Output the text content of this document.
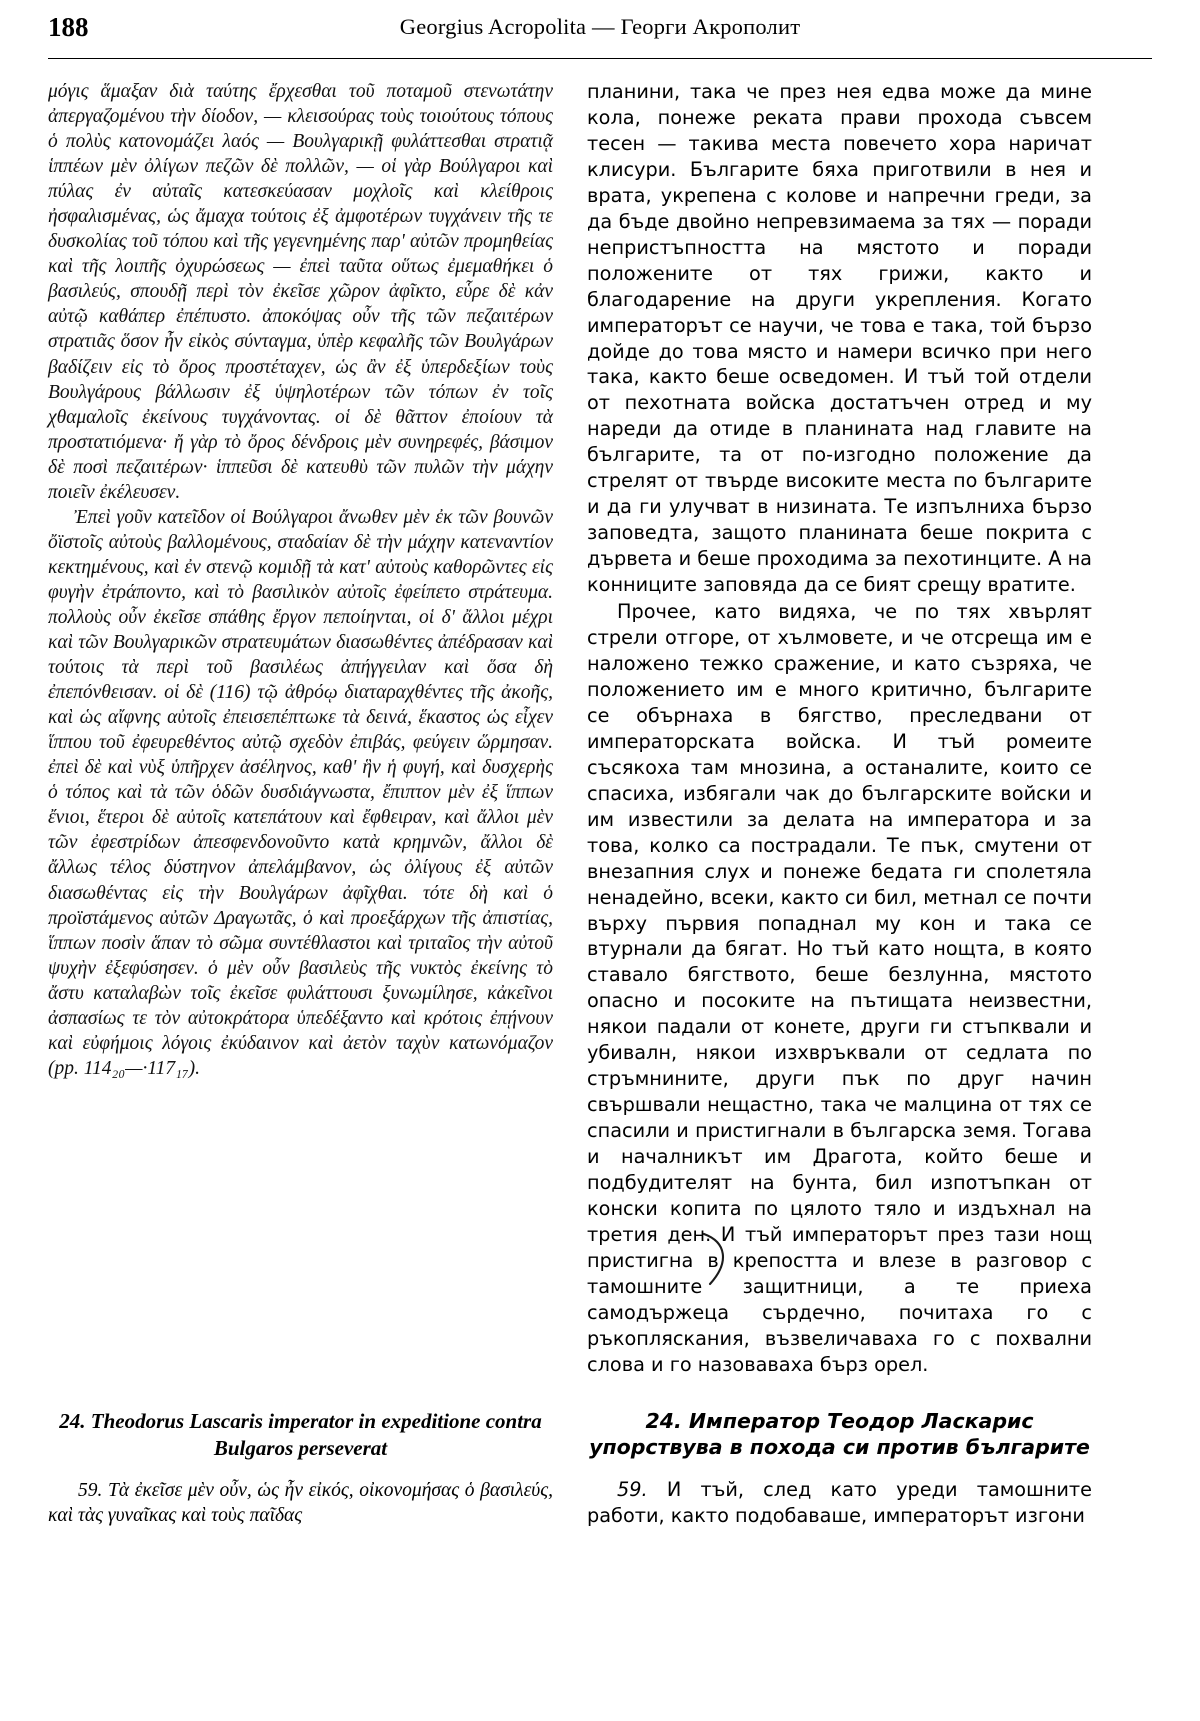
188	Georgius Acropolita — Георги Акрополит

μόγις ἅμαξαν διὰ ταύτης ἔρχεσθαι τοῦ ποταμοῦ στενωτάτην ἀπεργαζομένου τὴν δίοδον, — κλεισούρας τοὺς τοιούτους τόπους ὁ πολὺς κατονομάζει λαός — Βουλγαρικῇ φυλάττεσθαι στρατιᾷ ἱππέων μὲν ὀλίγων πεζῶν δὲ πολλῶν, — οἱ γὰρ Βούλγαροι καὶ πύλας ἐν αὐταῖς κατεσκεύασαν μοχλοῖς καὶ κλείθροις ἠσφαλισμένας, ὡς ἄμαχα τούτοις ἐξ ἀμφοτέρων τυγχάνειν τῆς τε δυσκολίας τοῦ τόπου καὶ τῆς γεγενημένης παρ' αὐτῶν προμηθείας καὶ τῆς λοιπῆς ὀχυρώσεως — ἐπεὶ ταῦτα οὕτως ἐμεμαθήκει ὁ βασιλεύς, σπουδῇ περὶ τὸν ἐκεῖσε χῶρον ἀφῖκτο, εὗρε δὲ κἀν αὐτῷ καθάπερ ἐπέπυστο. ἀποκόψας οὖν τῆς τῶν πεζαιτέρων στρατιᾶς ὅσον ἦν εἰκὸς σύνταγμα, ὑπὲρ κεφαλῆς τῶν Βουλγάρων βαδίζειν εἰς τὸ ὄρος προστέταχεν, ὡς ἂν ἐξ ὑπερδεξίων τοὺς Βουλγάρους βάλλωσιν ἐξ ὑψηλοτέρων τῶν τόπων ἐν τοῖς χθαμαλοῖς ἐκείνους τυγχάνοντας. οἱ δὲ θᾶττον ἐποίουν τὰ προστατιόμενα· ἤ γὰρ τὸ ὄρος δένδροις μὲν συνηρεφές, βάσιμον δὲ ποσὶ πεζαιτέρων· ἱππεῦσι δὲ κατευθὺ τῶν πυλῶν τὴν μάχην ποιεῖν ἐκέλευσεν.

Ἐπεὶ γοῦν κατεῖδον οἱ Βούλγαροι ἄνωθεν μὲν ἐκ τῶν βουνῶν ὄϊστοῖς αὐτοὺς βαλλομένους, σταδαίαν δὲ τὴν μάχην κατεναντίον κεκτημένους, καὶ ἐν στενῷ κομιδῇ τὰ κατ' αὐτοὺς καθορῶντες εἰς φυγὴν ἐτράποντο, καὶ τὸ βασιλικὸν αὐτοῖς ἐφείπετο στράτευμα. πολλοὺς οὖν ἐκεῖσε σπάθης ἔργον πεποίηνται, οἱ δ' ἄλλοι μέχρι καὶ τῶν Βουλγαρικῶν στρατευμάτων διασωθέντες ἀπέδρασαν καὶ τούτοις τὰ περὶ τοῦ βασιλέως ἀπήγγειλαν καὶ ὅσα δὴ ἐπεπόνθεισαν. οἱ δὲ (116) τῷ ἀθρόῳ διαταραχθέντες τῆς ἀκοῆς, καὶ ὡς αἴφνης αὐτοῖς ἐπεισεπέπτωκε τὰ δεινά, ἕκαστος ὡς εἶχεν ἵππου τοῦ ἐφευρεθέντος αὐτῷ σχεδὸν ἐπιβάς, φεύγειν ὥρμησαν. ἐπεὶ δὲ καὶ νὺξ ὑπῆρχεν ἀσέληνος, καθ' ἣν ἡ φυγή, καὶ δυσχερὴς ὁ τόπος καὶ τὰ τῶν ὁδῶν δυσδιάγνωστα, ἔπιπτον μὲν ἐξ ἵππων ἔνιοι, ἕτεροι δὲ αὐτοῖς κατεπάτουν καὶ ἔφθειραν, καὶ ἄλλοι μὲν τῶν ἐφεστρίδων ἀπεσφενδονοῦντο κατὰ κρημνῶν, ἄλλοι δὲ ἄλλως τέλος δύστηνον ἀπελάμβανον, ὡς ὀλίγους ἐξ αὐτῶν διασωθέντας εἰς τὴν Βουλγάρων ἀφῖχθαι. τότε δὴ καὶ ὁ προϊστάμενος αὐτῶν Δραγωτᾶς, ὁ καὶ προεξάρχων τῆς ἀπιστίας, ἵππων ποσὶν ἅπαν τὸ σῶμα συντέθλαστοι καὶ τριταῖος τὴν αὐτοῦ ψυχὴν ἐξεφύσησεν. ὁ μὲν οὖν βασιλεὺς τῆς νυκτὸς ἐκείνης τὸ ἄστυ καταλαβὼν τοῖς ἐκεῖσε φυλάττουσι ξυνωμίλησε, κἀκεῖνοι ἀσπασίως τε τὸν αὐτοκράτορα ὑπεδέξαντο καὶ κρότοις ἐπῄνουν καὶ εὐφήμοις λόγοις ἐκύδαινον καὶ ἀετὸν ταχὺν κατωνόμαζον (pp. 114₂₀—·117₁₇).

планини, така че през нея едва може да мине кола, понеже реката прави прохода съвсем тесен — такива места повечето хора наричат клисури. Българите бяха приготвили в нея и врата, укрепена с колове и напречни греди, за да бъде двойно непревзимаема за тях — поради непристъпността на мястото и поради положените от тях грижи, както и благодарение на други укрепления. Когато императорът се научи, че това е така, той бързо дойде до това място и намери всичко при него така, както беше осведомен. И тъй той отдели от пехотната войска достатъчен отред и му нареди да отиде в планината над главите на българите, та от по-изгодно положение да стрелят от твърде високите места по българите и да ги улучват в низината. Те изпълниха бързо заповедта, защото планината беше покрита с дървета и беше проходима за пехотинците. А на конниците заповяда да се бият срещу вратите.

Прочее, като видяха, че по тях хвърлят стрели отгоре, от хълмовете, и че отсреща им е наложено тежко сражение, и като съзряха, че положението им е много критично, българите се обърнаха в бягство, преследвани от императорската войска. И тъй ромеите съсякоха там мнозина, а останалите, които се спасиха, избягали чак до българските войски и им известили за делата на императора и за това, колко са пострадали. Те пък, смутени от внезапния слух и понеже бедата ги сполетяла ненадейно, всеки, както си бил, метнал се почти върху първия попаднал му кон и така се втурнали да бягат. Но тъй като нощта, в която ставало бягството, беше безлунна, мястото опасно и посоките на пътищата неизвестни, някои падали от конете, други ги стъпквали и убивалн, някои изхвръквали от седлата по стръмнините, други пък по друг начин свършвали нещастно, така че малцина от тях се спасили и пристигнали в българска земя. Тогава и началникът им Драгота, който беше и подбудителят на бунта, бил изпотъпкан от конски копита по цялото тяло и издъхнал на третия ден. И тъй императорът през тази нощ пристигна в крепостта и влезе в разговор с тамошните защитници, а те приеха самодържеца сърдечно, почитаха го с ръкопляскания, възвеличаваха го с похвални слова и го назоваваха бърз орел.

24. Theodorus Lascaris imperator in expeditione contra Bulgaros perseverat
59. Τὰ ἐκεῖσε μὲν οὖν, ὡς ἦν εἰκός, οἰκονομήσας ὁ βασιλεύς, καὶ τὰς γυναῖκας καὶ τοὺς παῖδας
24. Император Теодор Ласкарис упорствува в похода си против българите
59. И тъй, след като уреди тамошните работи, както подобаваше, императорът изгони
